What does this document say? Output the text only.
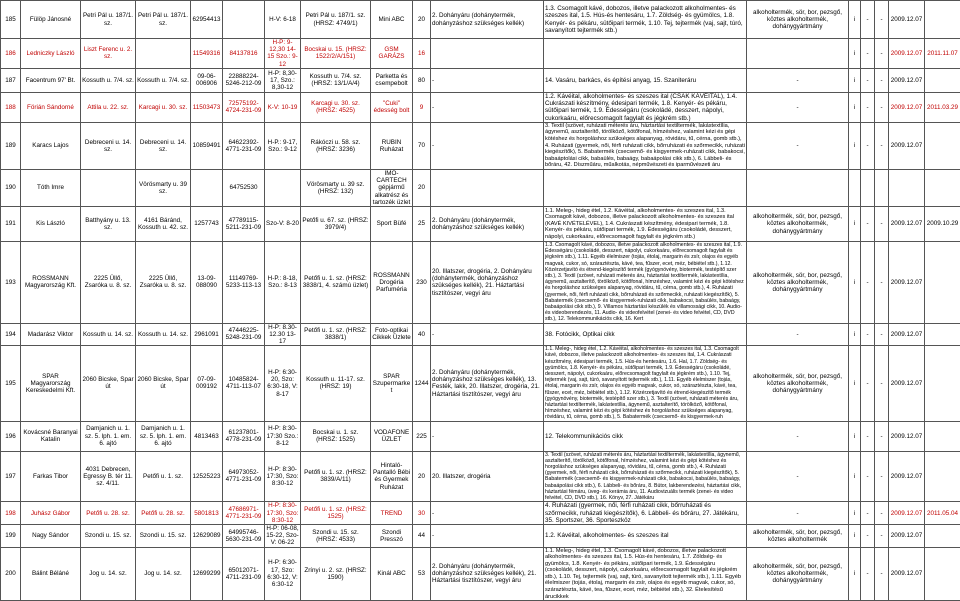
185	Fülöp Jánosné	Petri Pál u. 187/1. sz.	Petri Pál u. 187/1. sz.	62954413		H-V: 6-18	Petri Pál u. 187/1. sz. (HRSZ: 4749/1)	Mini ABC	20	2. Dohányáru (dohánytermék, dohányzáshoz szükséges kellék)	1.3. Csomagolt kávé, dobozos, illetve palackozott alkoholmentes- és szeszes ital, 1.5. Hús-és hentesáru, 1.7. Zöldség- és gyümölcs, 1.8. Kenyér- és pékáru, sütőipari termék, 1.10. Tej, tejtermék (vaj, sajt, túró, savanyított tejtermék stb.)	alkoholtermék, sör, bor, pezsgő, köztes alkoholtermék, dohánygyártmány	i	-	-	2009.12.07	
186	Ledniczky László	Liszt Ferenc u. 2. sz.		11549316	84137816	H-P: 9-12,30 14-15 Szo.: 9-12	Bocskai u. 15. (HRSZ: 1522/2/A/151)	GSM GARÁZS	16				i	-	-	2009.12.07	2011.11.07
187	Facentrum 97' Bt.	Kossuth u. 7/4. sz.	Kossuth u. 7/4. sz.	09-06-006906	22888224-5246-212-09	H-P: 8,30-17, Szo.: 8,30-12	Kossuth u. 7/4. sz. (HRSZ: 13/1/A/4)	Parketta és csempebolt	80	-	14. Vasáru, barkács, és építési anyag, 15. Szaniteráru	-	i	-	-	2009.12.07	
188	Förián Sándorné	Attila u. 22. sz.	Karcagi u. 30. sz.	11503473	72575192-4724-231-09	K-V: 10-19	Karcagi u. 30. sz. (HRSZ: 4525)	"Cuki" édesség bolt	9	-	1.2. Kávéital, alkoholmentes- és szeszes ital (CSAK KÁVÉITAL), 1.4. Cukrászati készítmény, édesipari termék, 1.8. Kenyér- és pékáru, sütőipari termék, 1.9. Édességáru (csokoládé, desszert, nápolyi, cukorkaáru, előrecsomagolt fagylalt és jégkrém stb.)	-	i	-	-	2009.12.07	2011.03.29
189	Karacs Lajos	Debreceni u. 14. sz.	Debreceni u. 14. sz.	10859491	64622392-4771-231-09	H-P.: 9-17, Szo.: 9-12	Rákóczi u. 58. sz.(HRSZ: 3236)	RUBIN Ruházat	70	-	3. Textil (szövet, ruházati méterés áru, háztartási textiltermék, lakástextília, ágynemű, asztalterítő, törölköző, kötőfonal, hímzéshez, valamint kézi és gépi kötéshez és horgoláshoz szükséges alapanyag, rövidáru, tű, cérna, gomb stb.), 4. Ruházati (gyermek, női, férfi ruházati cikk, bőrruházati és szőrmecikk, ruházati kiegészítők), 5. Babatermék (csecsemő- és kisgyermek-ruházati cikk, babakocsi, babaáptolási cikk, babaülés, babaágy, babaápolási cikk stb.), 6. Lábbeli- és bőráru, 42. Díszműáru, műalkotás, népművészeti és iparművészeti áru	-	i	-	-	2009.12.07	
190	Tóth Imre		Vörösmarty u. 39 sz.		64752530		Vörösmarty u. 39 sz. (HRSZ: 132)	IMO-CARTECH gépjármű alkatrész és tartozék üzlet	20								
191	Kis László	Batthyány u. 13. sz.	4161 Báránd, Kossuth u. 42. sz.	1257743	47789115-5211-231-09	Szo-V: 8-20	Petőfi u. 67. sz. (HRSZ: 3979/4)	Sport Büfé	25	2. Dohányáru (dohánytermék, dohányzáshoz szükséges kellék)	1.1. Meleg-, hideg étel, 1.2. Kávéital, alkoholmentes- és szeszes ital, 1.3. Csomagolt kávé, dobozos, illetve palackozott alkoholmentes- és szeszes ital (KAVÉ KIVÉTELÉVEL), 1.4. Cukrászati készítmény, édesipari termék, 1.8. Kenyér- és pékáru, sütőipari termék, 1.9. Édességáru (csokoládé, desszert, nápolyi, cukorkaáru, előrecsomagolt fagylalt és jégkrém stb.)	alkoholtermék, sör, bor, pezsgő, köztes alkoholtermék, dohánygyártmány	i	-	-	2009.12.07	2009.10.29
193	ROSSMANN Magyarország Kft.	2225 Üllő, Zsaróka u. 8. sz.	2225 Üllő, Zsaróka u. 8. sz.	13-09-088090	11149769-5233-113-13	H-P.: 8-18, Szo.: 8-13	Petőfi u. 1. sz. (HRSZ: 3838/1, 4. számú üzlet)	ROSSMANN Drogéria Parfuméria	230	20. Illatszer, drogéria, 2. Dohányáru (dohánytermék, dohányzáshoz szükséges kellék), 21. Háztartási tisztítószer, vegyi áru	1.3. Csomagolt kávé, dobozos, illetve palackozott alkoholmentes- és szeszes ital, 1.9. Édességáru (csokoládé, desszert, nápolyi, cukorkaáru, előrecsomagolt fagylalt és jégkrém stb.), 1.11. Egyéb élelmiszer (tojás, étolaj, margarin és zsír, olajos és egyéb magvak, cukor, só, száraztészta, kávé, tea, fűszer, ecet, méz, bébiétel stb.), 1.12. Közérzetjavító és étrend-kiegészítő termék (gyógynövény, biotermék, testépítő szer stb.), 3. Textil (szövet, ruházati méterés áru, háztartási textiltermék, lakástextília, ágynemű, asztalterítő, törölköző, kötőfonal, hímzéshez, valamint kézi és gépi kötéshez és horgoláshoz szükséges alapanyag, rövidáru, tű, cérna, gomb stb.), 4. Ruházati (gyermek, női, férfi ruházati cikk, bőrruházati és szőrmecikk, ruházati kiegészítők), 5. Babatermék (csecsemő- és kisgyermek-ruházati cikk, babakocsi, babaülés, babaágy, babaápolási cikk stb.), 9. Villamos háztartási készülék és villamossági cikk, 10. Audio- és videoberendezés, 11. Audio- és videofelvétel (zenei- és video felvétel, CD, DVD stb.), 12. Telekommunikációs cikk, 16. Kert	alkoholtermék, sör, bor, pezsgő, köztes alkoholtermék, dohánygyártmány	i	-	-	2009.12.07	
194	Madarász Viktor	Kossuth u. 14. sz.	Kossuth u. 14. sz.	2961091	47446225-5248-231-09	H-P: 8.30-12.30 13-17	Petőfi u. 1. sz. (HRSZ: 3838/1)	Foto-optikai Cikkek Üzlete	40	-	38. Fotócikk, Optikai cikk	-	i	-	-	2009.12.07	
195	SPAR Magyarország Kereskedelmi Kft.	2060 Bicske, Spar út	2060 Bicske, Spar út	07-09-009192	10485824-4711-113-07	H-P: 6:30-20, Szo: 6:30-18, V: 8-17	Kossuth u. 11-17. sz. (HRSZ: 19)	SPAR Szupermarket	1244	2. Dohányáru (dohánytermék, dohányzáshoz szükséges kellék), 13. Festék, lakk, 20. Illatszer, drogéria, 21. Háztartási tisztítószer, vegyi áru	1.1. Meleg-, hideg étel, 1.2. Kávéital, alkoholmentes- és szeszes ital, 1.3. Csomagolt kávé, dobozos, illetve palackozott alkoholmentes- és szeszes ital, 1.4. Cukrászati készítmény, édesipari termék, 1.5. Hús-és hentesáru, 1.6. Hal, 1.7. Zöldség- és gyümölcs, 1.8. Kenyér- és pékáru, sütőipari termék, 1.9. Édességáru (csokoládé, desszert, nápolyi, cukorkaáru, előrecsomagolt fagylalt és jégkrém stb.), 1.10. Tej, tejtermék (vaj, sajt, túró, savanyított tejtermék stb.), 1.11. Egyéb élelmiszer (tojás, étolaj, margarin és zsír, olajos és egyéb magvak, cukor, só, száraztészta, kávé, tea, fűszer, ecet, méz, bébiétel stb.), 1.12. Közérzetjavító és étrend-kiegészítő termék (gyógynövény, biotermék, testépítő szer stb.), 3. Textil (szövet, ruházati méterés áru, háztartási textiltermék, lakástextília, ágynemű, asztalterítő, törölköző, kötőfonal, hímzéshez, valamint kézi és gépi kötéshez és horgoláshoz szükséges alapanyag, rövidáru, tű, cérna, gomb stb.), 5. Babatermék (csecsemő- és kisgyermek-ruh	alkoholtermék, sör, bor, pezsgő, köztes alkoholtermék, dohánygyártmány	i	-	-	2009.12.07	
196	Kovácsné Baranyai Katalin	Damjanich u. 1. sz. 5. lph. 1. em. 6. ajtó	Damjanich u. 1. sz. 5. lph. 1. em. 6. ajtó	4813463	61237801-4778-231-09	H-P: 8:30-17:30 Szo.: 8-12	Bocskai u. 1. sz. (HRSZ: 1525)	VODAFONE ÜZLET	225	-	12. Telekommunikációs cikk	-	i	-	-	2009.12.07	
197	Farkas Tibor	4031 Debrecen, Egressy B. tér 11. sz. 4/11.	Petőfi u. 1. sz.	12525223	64973052-4771-231-09	H-P: 8:30-17:30, Szo: 8:30-12	Petőfi u. 1. sz. (HRSZ: 3839/A/11)	Hintaló-Pantalló Bébi és Gyermek Ruházat	20	20. Illatszer, drogéria	3. Textil (szövet, ruházati méterés áru, háztartási textiltermék, lakástextília, ágynemű, asztalterítő, törölköző, kötőfonal, hímzéshez, valamint kézi és gépi kötéshez és horgoláshoz szükséges alapanyag, rövidáru, tű, cérna, gomb stb.), 4. Ruházati (gyermek, női, férfi ruházati cikk, bőrruházati és szőrmecikk, ruházati kiegészítők), 5. Babatermék (csecsemő- és kisgyermek-ruházati cikk, babakocsi, babaülés, babaágy, babaápolási cikk stb.), 6. Lábbeli- és bőráru, 8. Bútor, lakberendezési, háztartási cikk, háztartási fémáru, üveg- és kerámia áru, 11. Audiovizuális termék (zenei- és video felvétel, CD, DVD stb.), 16. Könyv, 27. Játékáru	-	i	-	-	2009.12.07	
198	Juhász Gábor	Petőfi u. 28. sz.	Petőfi u. 28. sz.	5801813	47686971-4771-231-09	H-P: 8:30-17:30, Szo: 8:30-12	Petőfi u. 1. sz. (HRSZ: 1525)	TREND	30	-	4. Ruházati (gyermek, női, férfi ruházati cikk, bőrruházati és szőrmecikk, ruházati kiegészítők), 6. Lábbeli- és bőráru, 27. Játékáru, 35. Sportszer, 36. Sporteszköz	-	i	-	-	2009.12.07	2011.05.04
199	Nagy Sándor	Szondi u. 15. sz.	Szondi u. 15. sz.	12629089	64995746-5630-231-09	H-P: 06-08, 15-22, Szo-V: 06-22	Szondi u. 15. sz. (HRSZ: 4533)	Szondi Presszó	44	-	1.2. Kávéital, alkoholmentes- és szeszes ital	alkoholtermék, sör, bor, pezsgő, köztes alkoholtermék	i	-	-	2009.12.07	
200	Bálint Béláné	Jog u. 14. sz.	Jog u. 14. sz.	12699299	65012071-4711-231-09	H-P: 6:30-17, Szo: 6:30-12, V: 6:30-12	Zrínyi u. 2. sz. (HRSZ: 1590)	Kinál ABC	53	2. Dohányáru (dohánytermék, dohányzáshoz szükséges kellék), 21. Háztartási tisztítószer, vegyi áru	1.1. Meleg-, hideg étel, 1.3. Csomagolt kávé, dobozos, illetve palackozott alkoholmentes- és szeszes ital, 1.5. Hús-és hentesáru, 1.7. Zöldség- és gyümölcs, 1.8. Kenyér- és pékáru, sütőipari termék, 1.9. Édességáru (csokoládé, desszert, nápolyi, cukorkaáru, előrecsomagolt fagylalt és jégkrém stb.), 1.10. Tej, tejtermék (vaj, sajt, túró, savanyított tejtermék stb.), 1.11. Egyéb élelmiszer (tojás, étolaj, margarin és zsír, olajos és egyéb magvak, cukor, só, száraztészta, kávé, tea, fűszer, ecet, méz, bébiétel stb.), 32. Ételesítésű árucikkek	alkoholtermék, sör, bor, pezsgő, köztes alkoholtermék, dohánygyártmány	i	-	-	2009.12.07	
